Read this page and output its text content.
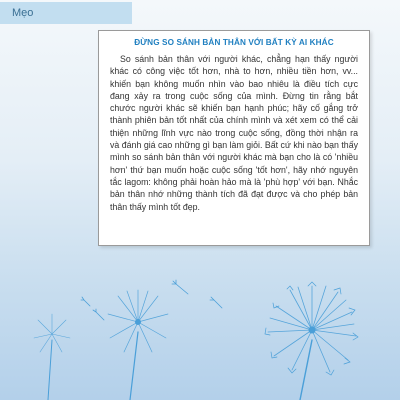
Mẹo

ĐỪNG SO SÁNH BẢN THÂN VỚI BẤT KỲ AI KHÁC

So sánh bản thân với người khác, chẳng hạn thấy người khác có công việc tốt hơn, nhà to hơn, nhiều tiền hơn, vv... khiến bạn không muốn nhìn vào bao nhiêu là điều tích cực đang xảy ra trong cuộc sống của mình. Đừng tin rằng bắt chước người khác sẽ khiến bạn hạnh phúc; hãy cố gắng trở thành phiên bản tốt nhất của chính mình và xét xem có thể cải thiện những lĩnh vực nào trong cuộc sống, đồng thời nhận ra và đánh giá cao những gì bạn làm giỏi. Bất cứ khi nào bạn thấy mình so sánh bản thân với người khác mà bạn cho là có 'nhiều hơn' thứ bạn muốn hoặc cuộc sống 'tốt hơn', hãy nhớ nguyên tắc lagom: không phải hoàn hảo mà là 'phù hợp' với bạn. Nhắc bản thân nhớ những thành tích đã đạt được và cho phép bản thân thấy mình tốt đẹp.
